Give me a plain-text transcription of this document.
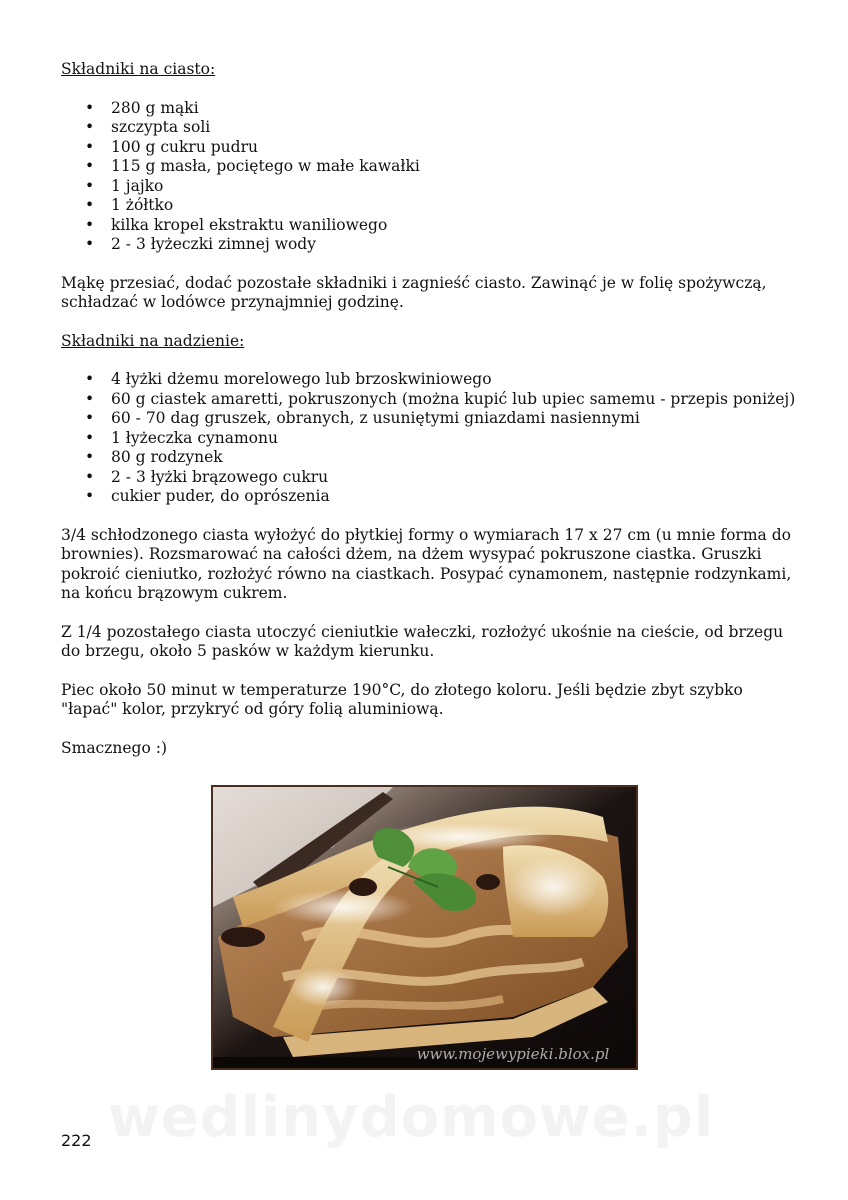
Składniki na ciasto:
• 280 g mąki
• szczypta soli
• 100 g cukru pudru
• 115 g masła, pociętego w małe kawałki
• 1 jajko
• 1 żółtko
• kilka kropel ekstraktu waniliowego
• 2 - 3 łyżeczki zimnej wody

Mąkę przesiać, dodać pozostałe składniki i zagnieść ciasto. Zawinąć je w folię spożywczą, schładzać w lodówce przynajmniej godzinę.

Składniki na nadzienie:
• 4 łyżki dżemu morelowego lub brzoskwiniowego
• 60 g ciastek amaretti, pokruszonych (można kupić lub upiec samemu - przepis poniżej)
• 60 - 70 dag gruszek, obranych, z usuniętymi gniazdami nasiennymi
• 1 łyżeczka cynamonu
• 80 g rodzynek
• 2 - 3 łyżki brązowego cukru
• cukier puder, do oprószenia

3/4 schłodzonego ciasta wyłożyć do płytkiej formy o wymiarach 17 x 27 cm (u mnie forma do brownies). Rozsmarować na całości dżem, na dżem wysypać pokruszone ciastka. Gruszki pokroić cieniutko, rozłożyć równo na ciastkach. Posypać cynamonem, następnie rodzynkami, na końcu brązowym cukrem.

Z 1/4 pozostałego ciasta utoczyć cieniutkie wałeczki, rozłożyć ukośnie na cieście, od brzegu do brzegu, około 5 pasków w każdym kierunku.

Piec około 50 minut w temperaturze 190°C, do złotego koloru. Jeśli będzie zbyt szybko "łapać" kolor, przykryć od góry folią aluminiową.

Smacznego :)

www.mojewypieki.blox.pl
wedlinydomowe.pl
222
